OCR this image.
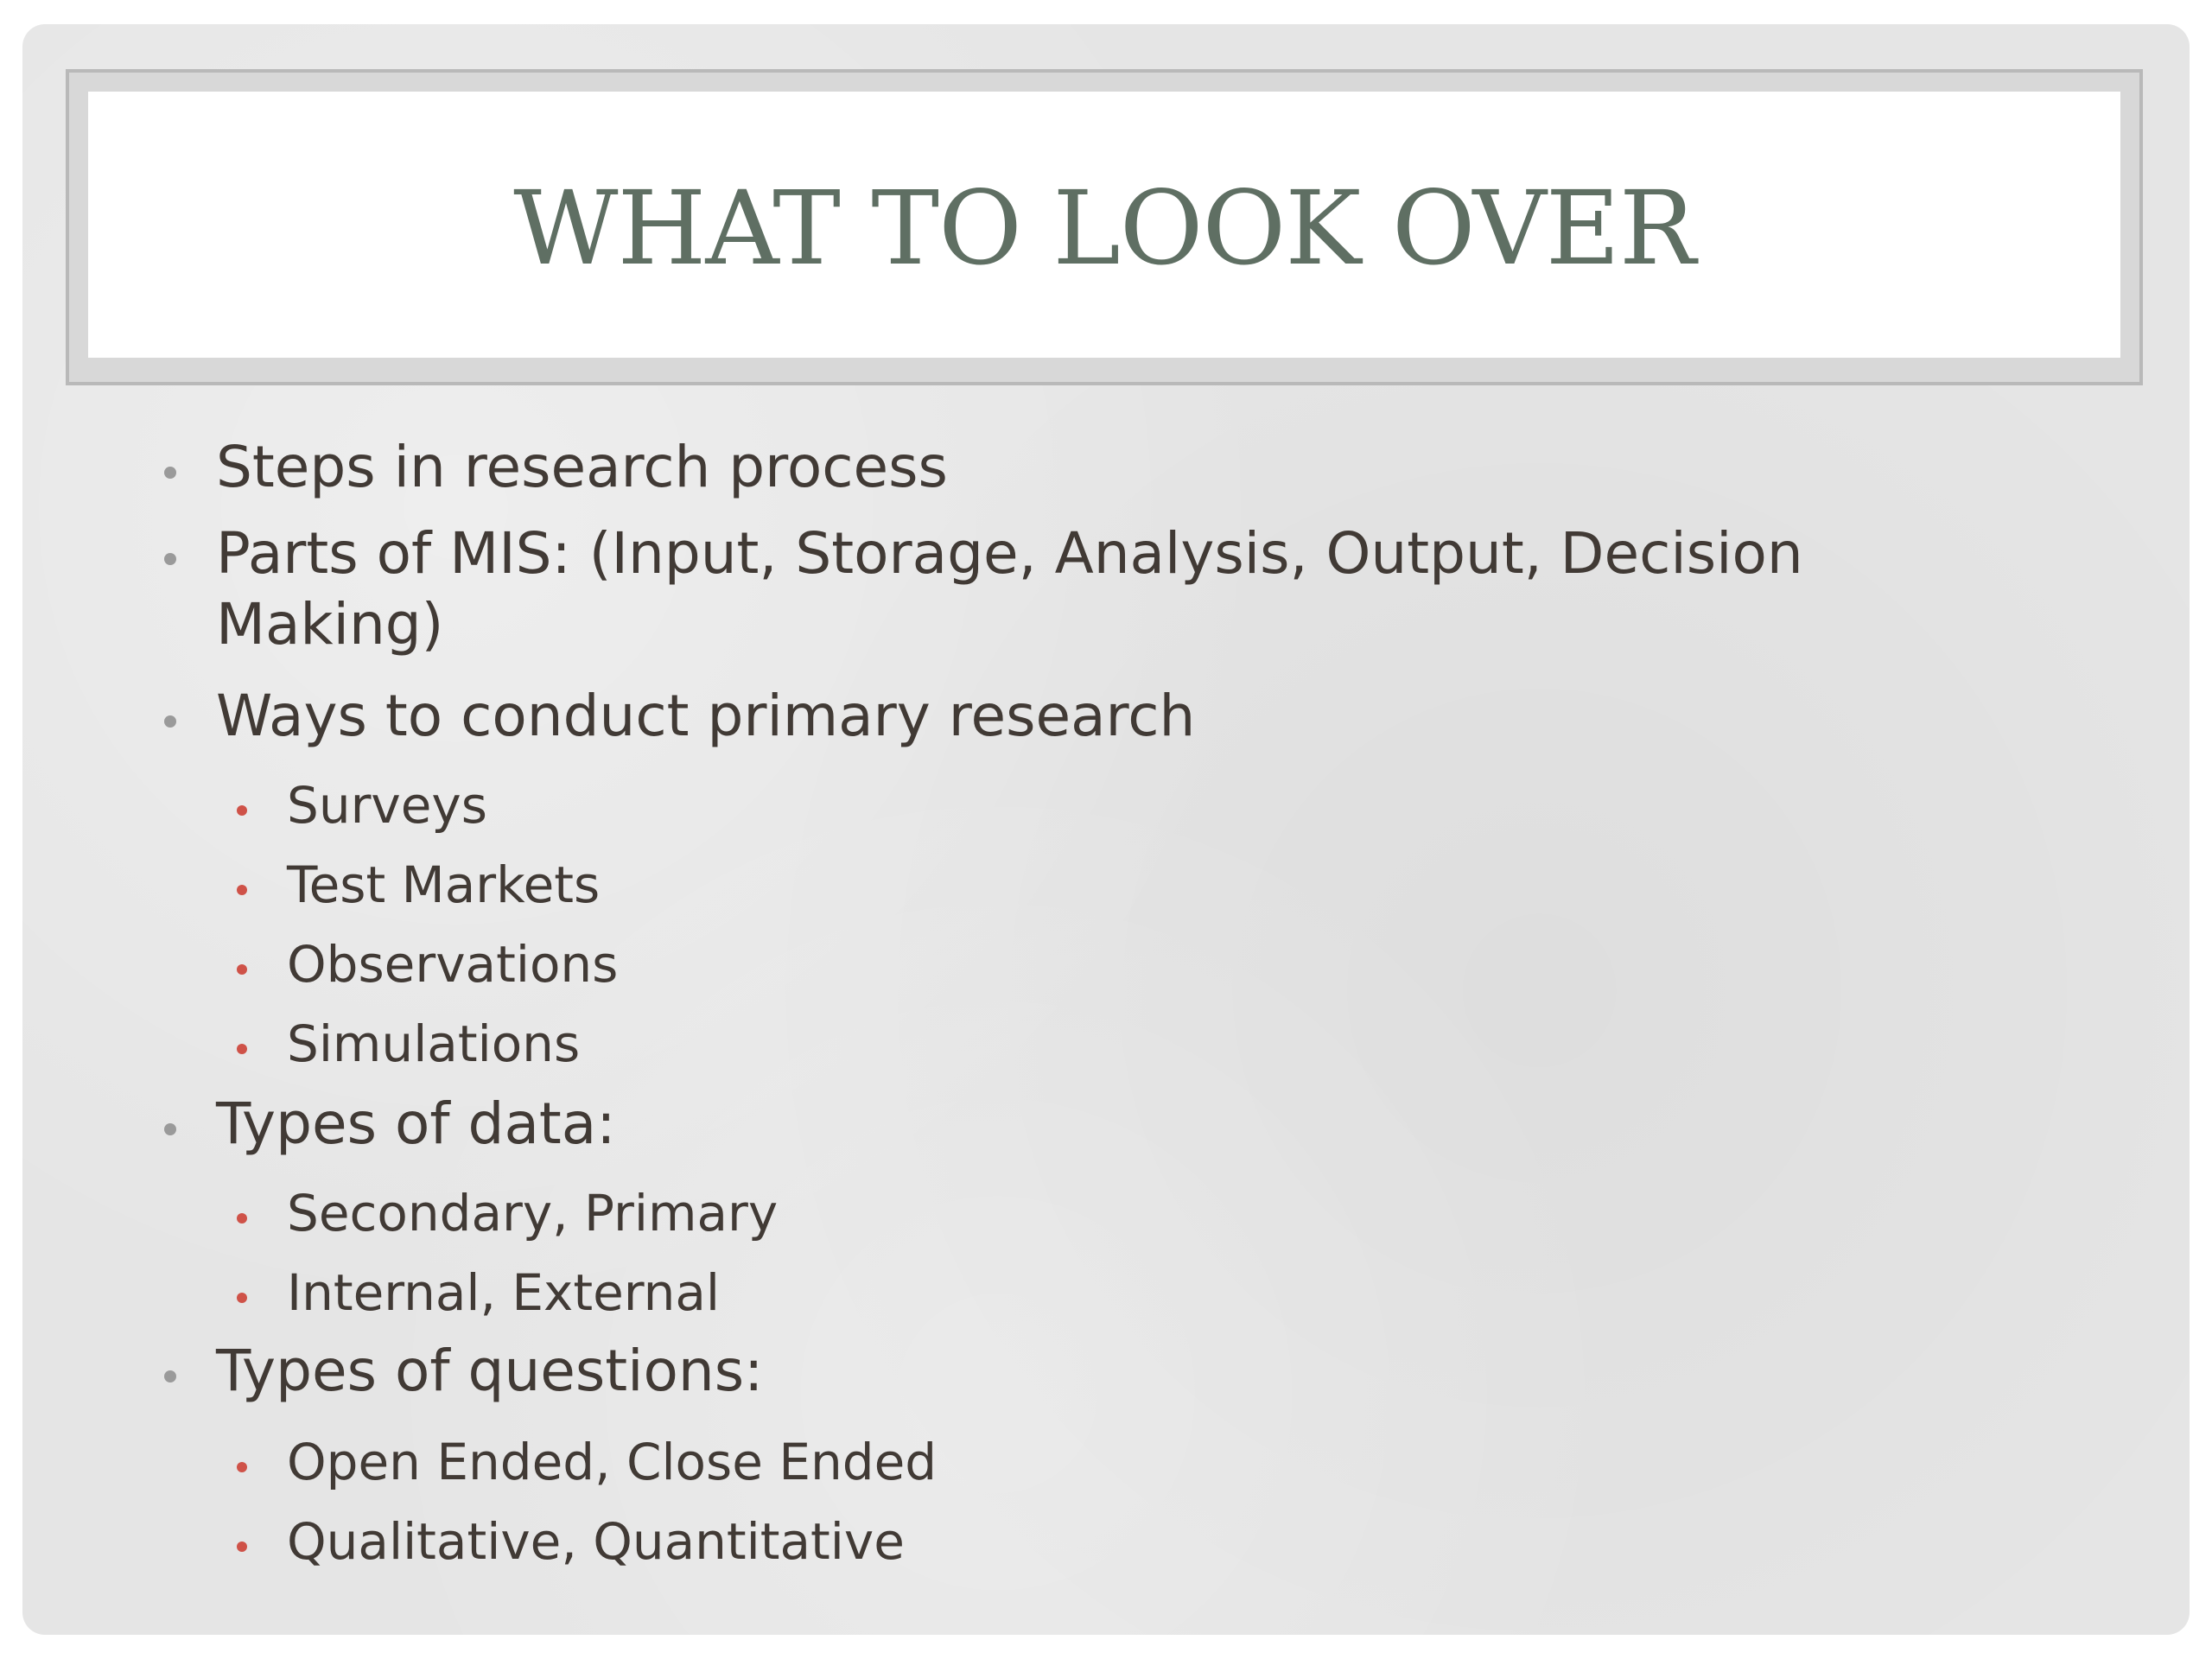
WHAT TO LOOK OVER
Steps in research process
Parts of MIS: (Input, Storage, Analysis, Output, Decision
Making)
Ways to conduct primary research
Surveys
Test Markets
Observations
Simulations
Types of data:
Secondary, Primary
Internal, External
Types of questions:
Open Ended, Close Ended
Qualitative, Quantitative
